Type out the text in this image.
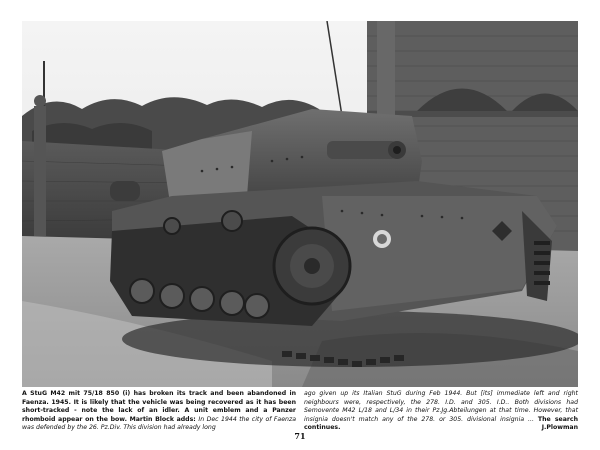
A StuG M42 mit 75/18 850 (i) has broken its track and been abandoned in Faenza. 1945. It is likely that the vehicle was being recovered as it has been short-tracked - note the lack of an idler. A unit emblem and a Panzer rhomboid appear on the bow. Martin Block adds: In Dec 1944 the city of Faenza was defended by the 26. Pz.Div. This division had already long
ago given up its Italian StuG during Feb 1944. But [its] immediate left and right neighbours were, respectively, the 278. I.D. and 305. I.D.. Both divisions had Semovente M42 L/18 and L/34 in their Pz.Jg.Abteilungen at that time. However, that insignia doesn't match any of the 278. or 305. divisional insignia ... The search continues.	J.Plowman
71
